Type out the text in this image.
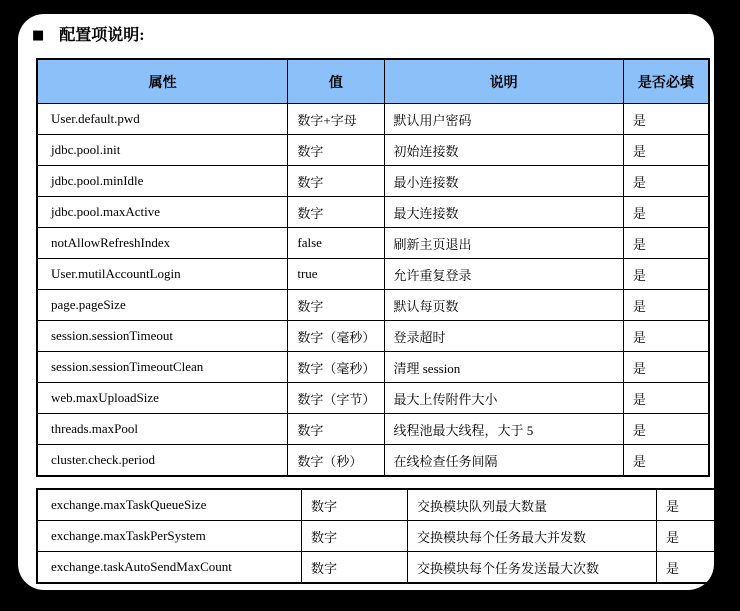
■ 配置项说明:
属性	值	说明	是否必填
User.default.pwd	数字+字母	默认用户密码	是
jdbc.pool.init	数字	初始连接数	是
jdbc.pool.minIdle	数字	最小连接数	是
jdbc.pool.maxActive	数字	最大连接数	是
notAllowRefreshIndex	false	刷新主页退出	是
User.mutilAccountLogin	true	允许重复登录	是
page.pageSize	数字	默认每页数	是
session.sessionTimeout	数字（毫秒）	登录超时	是
session.sessionTimeoutClean	数字（毫秒）	清理 session	是
web.maxUploadSize	数字（字节）	最大上传附件大小	是
threads.maxPool	数字	线程池最大线程，大于 5	是
cluster.check.period	数字（秒）	在线检查任务间隔	是
exchange.maxTaskQueueSize	数字	交换模块队列最大数量	是
exchange.maxTaskPerSystem	数字	交换模块每个任务最大并发数	是
exchange.taskAutoSendMaxCount	数字	交换模块每个任务发送最大次数	是
